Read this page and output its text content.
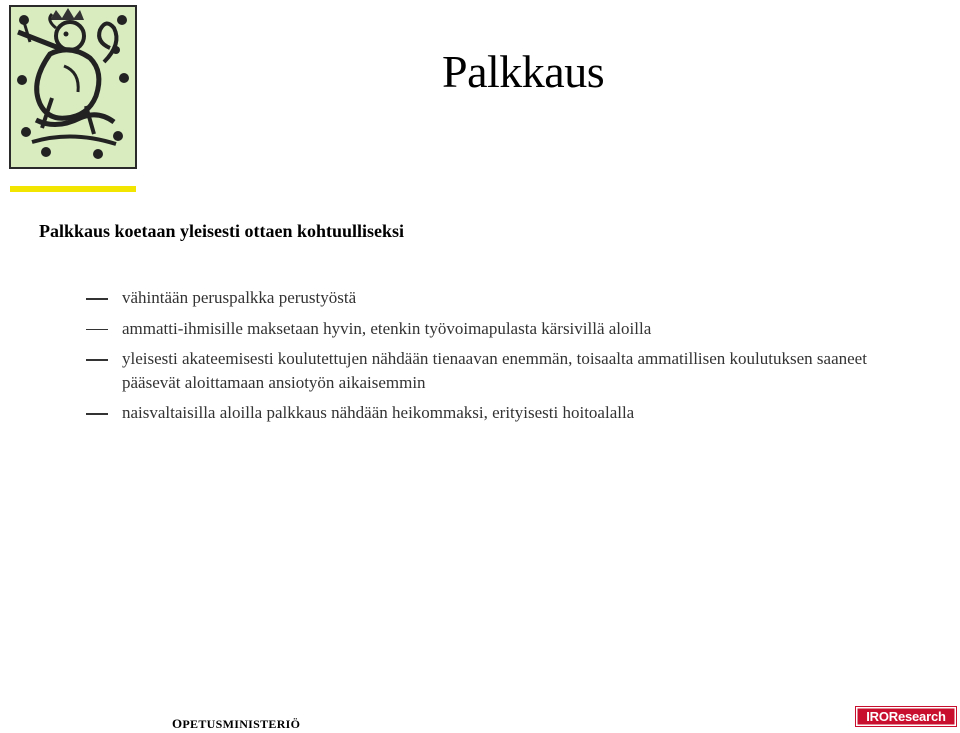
Palkkaus

Palkkaus koetaan yleisesti ottaen kohtuulliseksi

vähintään peruspalkka perustyöstä
ammatti-ihmisille maksetaan hyvin, etenkin työvoimapulasta kärsivillä aloilla
yleisesti akateemisesti koulutettujen nähdään tienaavan enemmän, toisaalta ammatillisen koulutuksen saaneet pääsevät aloittamaan ansiotyön aikaisemmin
naisvaltaisilla aloilla palkkaus nähdään heikommaksi, erityisesti hoitoalalla
OPETUSMINISTERIÖ	IROResearch
